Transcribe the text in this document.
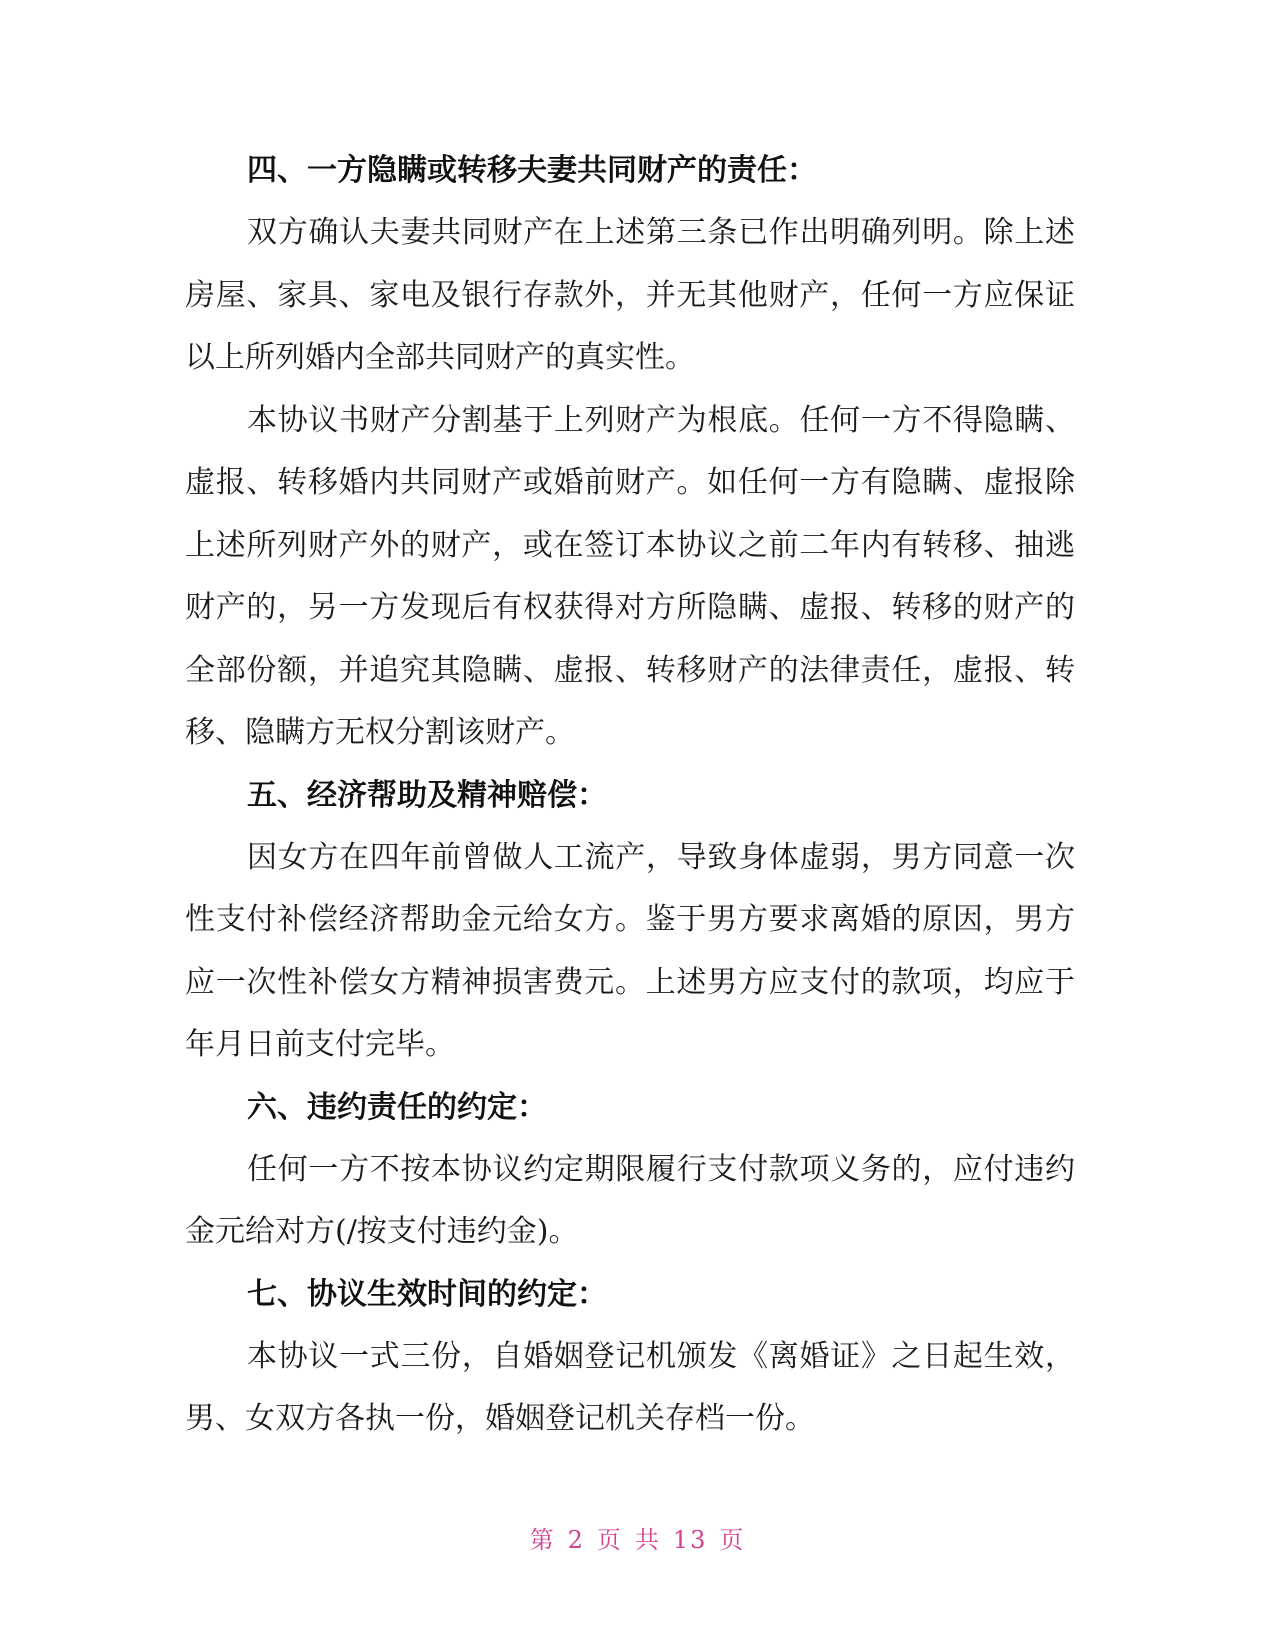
四、一方隐瞒或转移夫妻共同财产的责任：

双方确认夫妻共同财产在上述第三条已作出明确列明。除上述房屋、家具、家电及银行存款外，并无其他财产，任何一方应保证以上所列婚内全部共同财产的真实性。

本协议书财产分割基于上列财产为根底。任何一方不得隐瞒、虚报、转移婚内共同财产或婚前财产。如任何一方有隐瞒、虚报除上述所列财产外的财产，或在签订本协议之前二年内有转移、抽逃财产的，另一方发现后有权获得对方所隐瞒、虚报、转移的财产的全部份额，并追究其隐瞒、虚报、转移财产的法律责任，虚报、转移、隐瞒方无权分割该财产。

五、经济帮助及精神赔偿：

因女方在四年前曾做人工流产，导致身体虚弱，男方同意一次性支付补偿经济帮助金元给女方。鉴于男方要求离婚的原因，男方应一次性补偿女方精神损害费元。上述男方应支付的款项，均应于年月日前支付完毕。

六、违约责任的约定：

任何一方不按本协议约定期限履行支付款项义务的，应付违约金元给对方(/按支付违约金)。

七、协议生效时间的约定：

本协议一式三份，自婚姻登记机颁发《离婚证》之日起生效，男、女双方各执一份，婚姻登记机关存档一份。

第 2 页 共 13 页
